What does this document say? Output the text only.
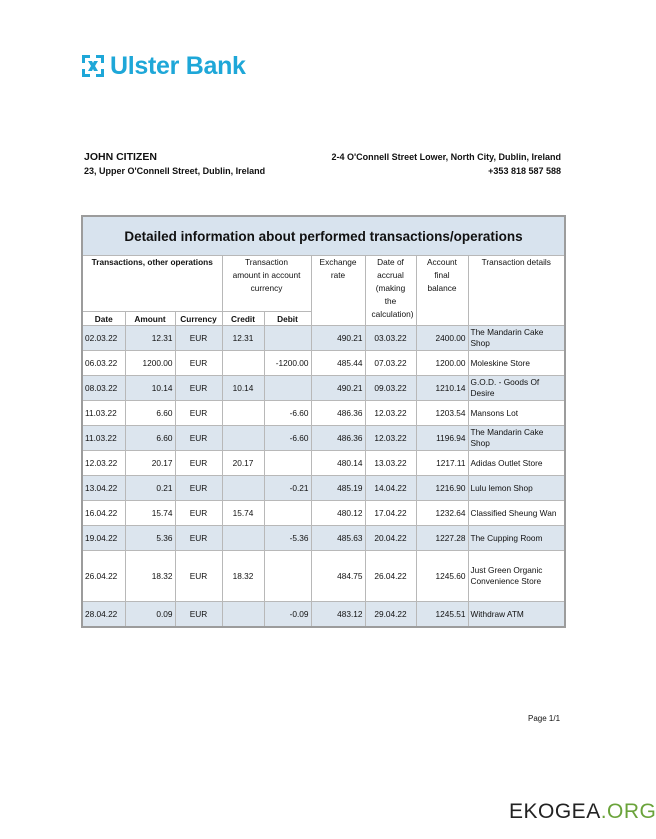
Ulster Bank
JOHN CITIZEN
23, Upper O'Connell Street, Dublin, Ireland
2-4 O'Connell Street Lower, North City, Dublin, Ireland
+353 818 587 588
Detailed information about performed transactions/operations								
Transactions, other operations			Transaction amount in account currency		Exchange rate	Date of accrual (making the calculation)	Account final balance	Transaction details
Date	Amount	Currency	Credit	Debit				
02.03.22	12.31	EUR	12.31		490.21	03.03.22	2400.00	The Mandarin Cake Shop
06.03.22	1200.00	EUR		-1200.00	485.44	07.03.22	1200.00	Moleskine Store
08.03.22	10.14	EUR	10.14		490.21	09.03.22	1210.14	G.O.D. - Goods Of Desire
11.03.22	6.60	EUR		-6.60	486.36	12.03.22	1203.54	Mansons Lot
11.03.22	6.60	EUR		-6.60	486.36	12.03.22	1196.94	The Mandarin Cake Shop
12.03.22	20.17	EUR	20.17		480.14	13.03.22	1217.11	Adidas Outlet Store
13.04.22	0.21	EUR		-0.21	485.19	14.04.22	1216.90	Lulu lemon Shop
16.04.22	15.74	EUR	15.74		480.12	17.04.22	1232.64	Classified Sheung Wan
19.04.22	5.36	EUR		-5.36	485.63	20.04.22	1227.28	The Cupping Room
26.04.22	18.32	EUR	18.32		484.75	26.04.22	1245.60	Just Green Organic Convenience Store
28.04.22	0.09	EUR		-0.09	483.12	29.04.22	1245.51	Withdraw ATM
Page 1/1
EKOGEA.ORG
